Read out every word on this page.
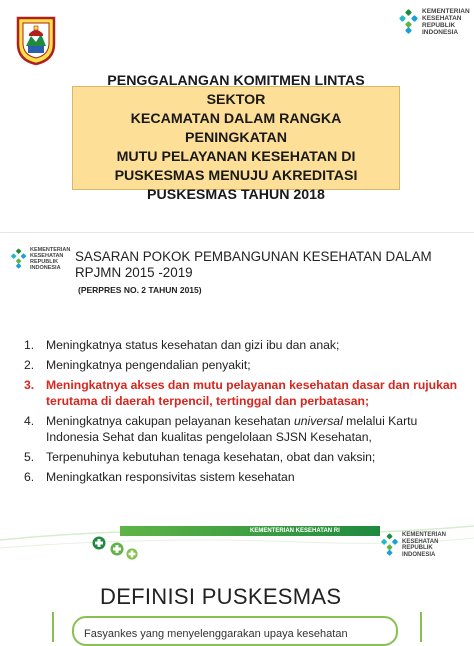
KEMENTERIAN
KESEHATAN
REPUBLIK
INDONESIA
PENGGALANGAN KOMITMEN LINTAS SEKTOR
KECAMATAN DALAM RANGKA PENINGKATAN
MUTU PELAYANAN KESEHATAN DI
PUSKESMAS MENUJU AKREDITASI
PUSKESMAS TAHUN 2018
KEMENTERIAN
KESEHATAN
REPUBLIK
INDONESIA
SASARAN POKOK PEMBANGUNAN KESEHATAN DALAM RPJMN 2015 -2019
(PERPRES NO. 2 TAHUN 2015)
1. Meningkatnya status kesehatan dan gizi ibu dan anak;
2. Meningkatnya pengendalian penyakit;
3. Meningkatnya akses dan mutu pelayanan kesehatan dasar dan rujukan terutama di daerah terpencil, tertinggal dan perbatasan;
4. Meningkatnya cakupan pelayanan kesehatan universal melalui Kartu Indonesia Sehat dan kualitas pengelolaan SJSN Kesehatan,
5. Terpenuhinya kebutuhan tenaga kesehatan, obat dan vaksin;
6. Meningkatkan responsivitas sistem kesehatan
KEMENTERIAN KESEHATAN RI
KEMENTERIAN
KESEHATAN
REPUBLIK
INDONESIA
DEFINISI PUSKESMAS
Fasyankes yang menyelenggarakan upaya kesehatan
